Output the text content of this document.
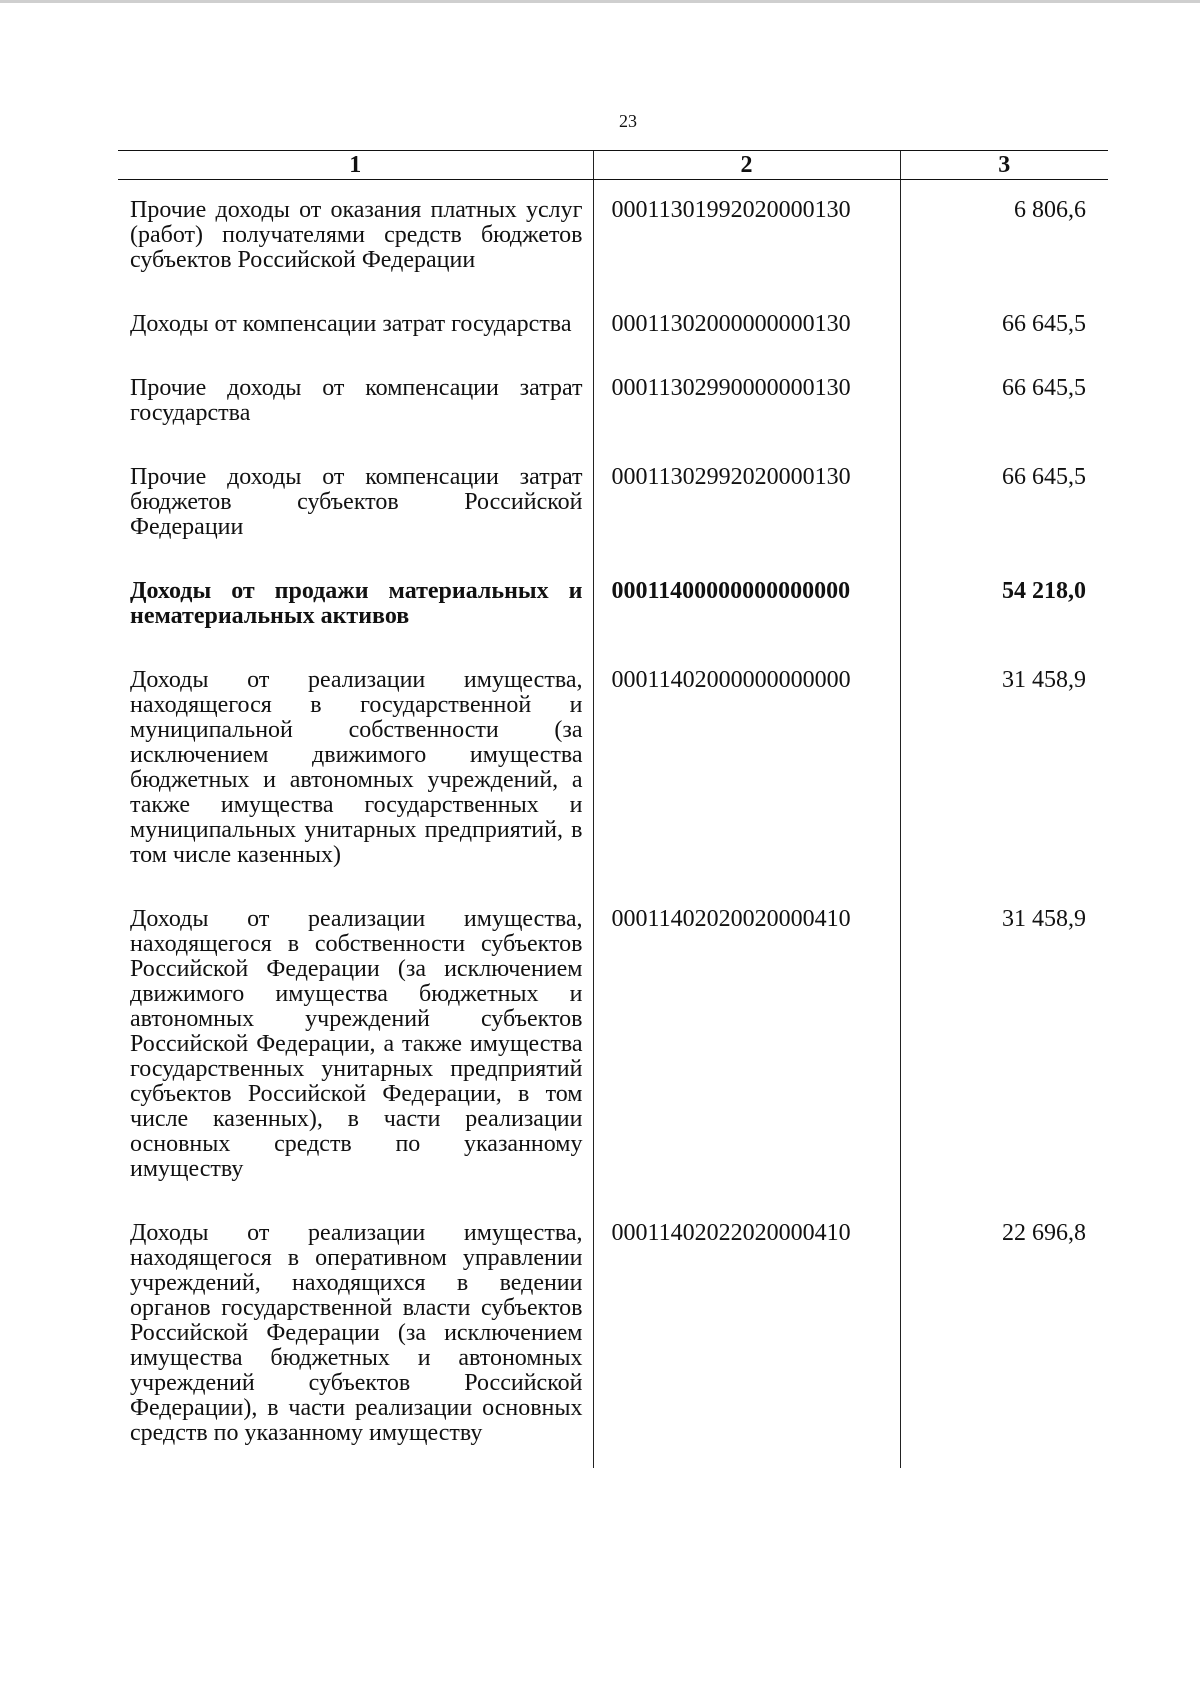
23
1	2	3
Прочие доходы от оказания платных услуг (работ) получателями средств бюджетов субъектов Российской Федерации	00011301992020000130	6 806,6
Доходы от компенсации затрат государства	00011302000000000130	66 645,5
Прочие доходы от компенсации затрат государства	00011302990000000130	66 645,5
Прочие доходы от компенсации затрат бюджетов субъектов Российской Федерации	00011302992020000130	66 645,5
Доходы от продажи материальных и нематериальных активов	00011400000000000000	54 218,0
Доходы от реализации имущества, находящегося в государственной и муниципальной собственности (за исключением движимого имущества бюджетных и автономных учреждений, а также имущества государственных и муниципальных унитарных предприятий, в том числе казенных)	00011402000000000000	31 458,9
Доходы от реализации имущества, находящегося в собственности субъектов Российской Федерации (за исключением движимого имущества бюджетных и автономных учреждений субъектов Российской Федерации, а также имущества государственных унитарных предприятий субъектов Российской Федерации, в том числе казенных), в части реализации основных средств по указанному имуществу	00011402020020000410	31 458,9
Доходы от реализации имущества, находящегося в оперативном управлении учреждений, находящихся в ведении органов государственной власти субъектов Российской Федерации (за исключением имущества бюджетных и автономных учреждений субъектов Российской Федерации), в части реализации основных средств по указанному имуществу	00011402022020000410	22 696,8
